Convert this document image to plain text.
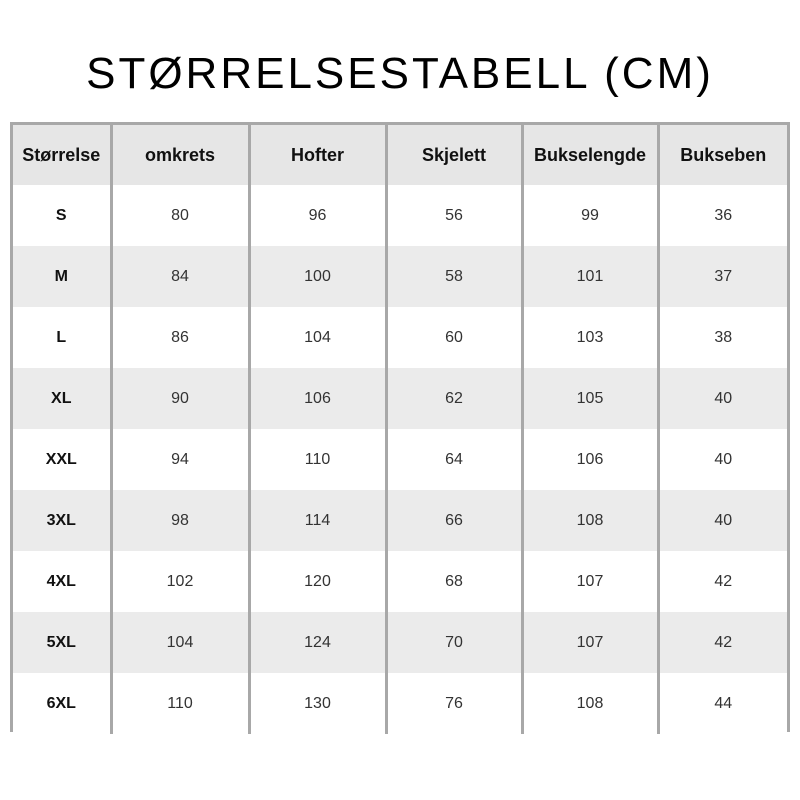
STØRRELSESTABELL (CM)
Størrelse	omkrets	Hofter	Skjelett	Bukselengde	Bukseben
S	80	96	56	99	36
M	84	100	58	101	37
L	86	104	60	103	38
XL	90	106	62	105	40
XXL	94	110	64	106	40
3XL	98	114	66	108	40
4XL	102	120	68	107	42
5XL	104	124	70	107	42
6XL	110	130	76	108	44
